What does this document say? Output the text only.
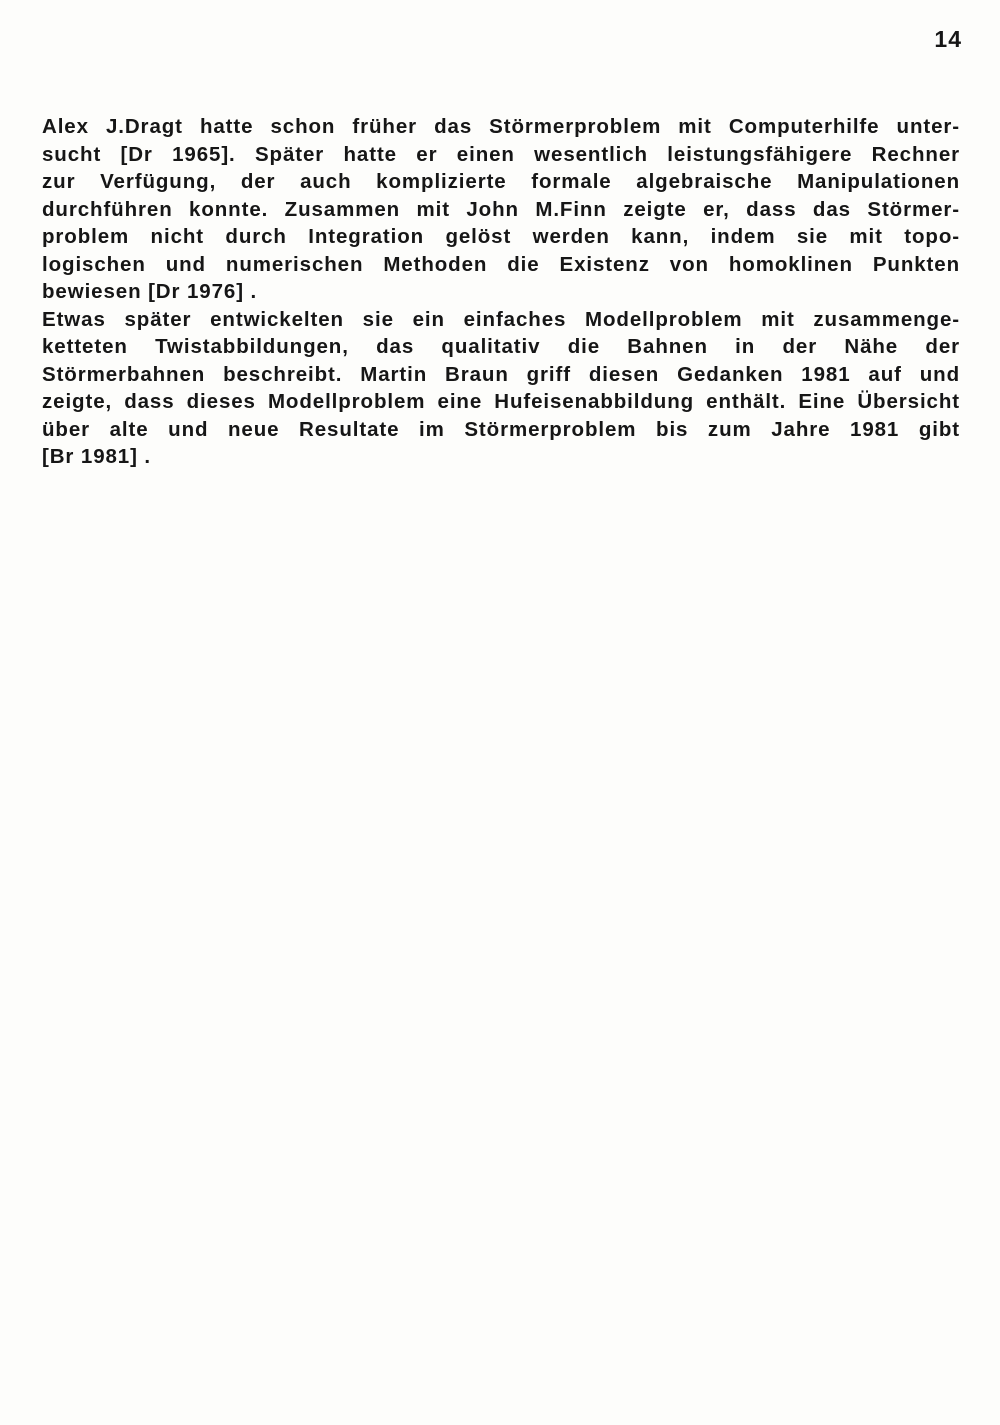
14

Alex J.Dragt hatte schon früher das Störmerproblem mit Computerhilfe unter-
sucht [Dr 1965]. Später hatte er einen wesentlich leistungsfähigere Rechner
zur Verfügung, der auch komplizierte formale algebraische Manipulationen
durchführen konnte. Zusammen mit John M.Finn zeigte er, dass das Störmer-
problem nicht durch Integration gelöst werden kann, indem sie mit topo-
logischen und numerischen Methoden die Existenz von homoklinen Punkten
bewiesen [Dr 1976] .

Etwas später entwickelten sie ein einfaches Modellproblem mit zusammenge-
ketteten Twistabbildungen, das qualitativ die Bahnen in der Nähe der
Störmerbahnen beschreibt. Martin Braun griff diesen Gedanken 1981 auf und
zeigte, dass dieses Modellproblem eine Hufeisenabbildung enthält. Eine Übersicht
über alte und neue Resultate im Störmerproblem bis zum Jahre 1981 gibt
[Br 1981] .
